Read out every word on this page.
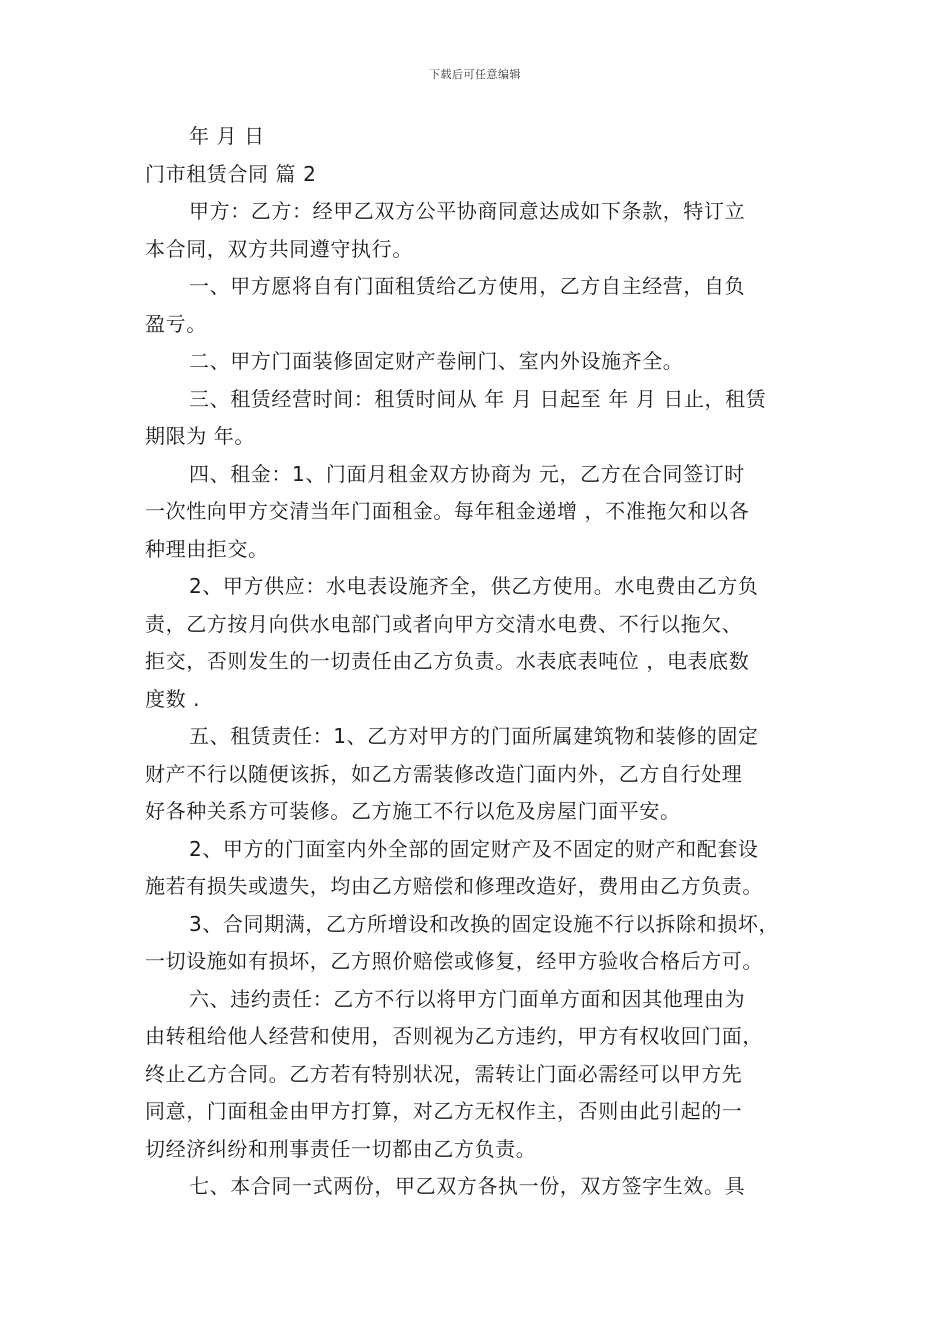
下载后可任意编辑
年 月 日
门市租赁合同 篇 2
甲方：乙方：经甲乙双方公平协商同意达成如下条款，特订立
本合同，双方共同遵守执行。
一、甲方愿将自有门面租赁给乙方使用，乙方自主经营，自负
盈亏。
二、甲方门面装修固定财产卷闸门、室内外设施齐全。
三、租赁经营时间：租赁时间从 年 月 日起至 年 月 日止，租赁
期限为 年。
四、租金：1、门面月租金双方协商为 元，乙方在合同签订时
一次性向甲方交清当年门面租金。每年租金递增 ，不准拖欠和以各
种理由拒交。
2、甲方供应：水电表设施齐全，供乙方使用。水电费由乙方负
责，乙方按月向供水电部门或者向甲方交清水电费、不行以拖欠、
拒交，否则发生的一切责任由乙方负责。水表底表吨位 ，电表底数
度数 .
五、租赁责任：1、乙方对甲方的门面所属建筑物和装修的固定
财产不行以随便该拆，如乙方需装修改造门面内外，乙方自行处理
好各种关系方可装修。乙方施工不行以危及房屋门面平安。
2、甲方的门面室内外全部的固定财产及不固定的财产和配套设
施若有损失或遗失，均由乙方赔偿和修理改造好，费用由乙方负责。
3、合同期满，乙方所增设和改换的固定设施不行以拆除和损坏，
一切设施如有损坏，乙方照价赔偿或修复，经甲方验收合格后方可。
六、违约责任：乙方不行以将甲方门面单方面和因其他理由为
由转租给他人经营和使用，否则视为乙方违约，甲方有权收回门面，
终止乙方合同。乙方若有特别状况，需转让门面必需经可以甲方先
同意，门面租金由甲方打算，对乙方无权作主，否则由此引起的一
切经济纠纷和刑事责任一切都由乙方负责。
七、本合同一式两份，甲乙双方各执一份，双方签字生效。具
